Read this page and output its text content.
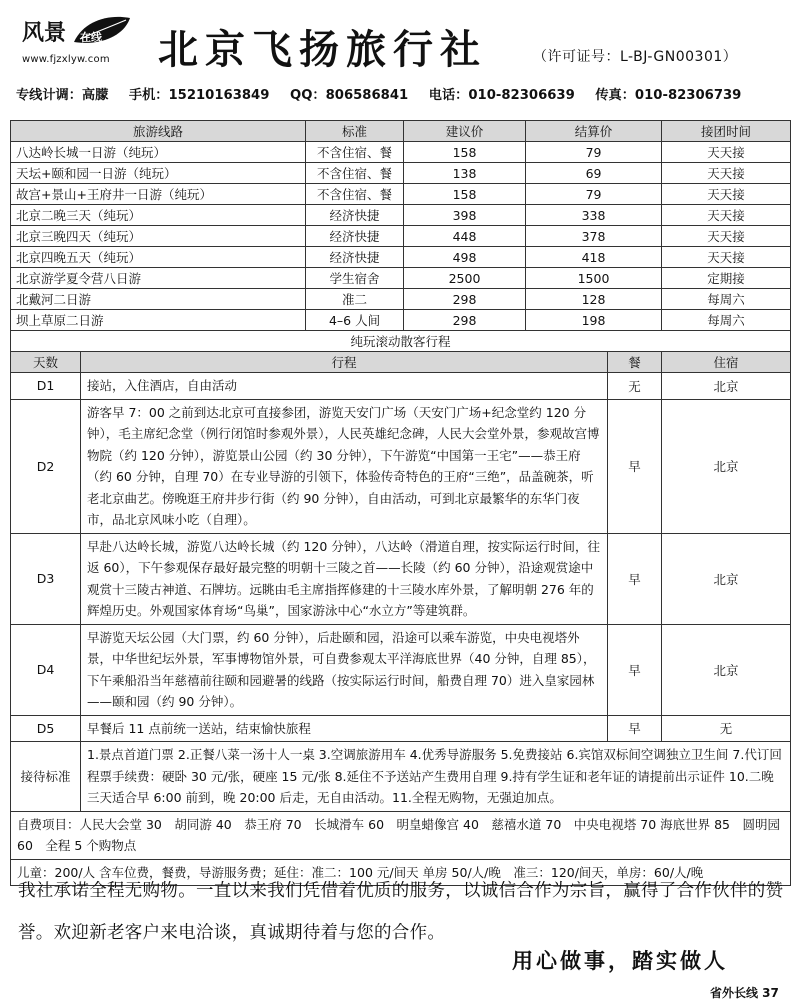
风景 在线
www.fjzxlyw.com 北京飞扬旅行社	（许可证号：L-BJ-GN00301）
专线计调：高朦 手机：15210163849 QQ：806586841 电话：010-82306639 传真：010-82306739
旅游线路		标准	建议价	结算价		接团时间
八达岭长城一日游（纯玩）		不含住宿、餐	158	79		天天接
天坛+颐和园一日游（纯玩）		不含住宿、餐	138	69		天天接
故宫+景山+王府井一日游（纯玩）		不含住宿、餐	158	79		天天接
北京二晚三天（纯玩）		经济快捷	398	338		天天接
北京三晚四天（纯玩）		经济快捷	448	378		天天接
北京四晚五天（纯玩）		经济快捷	498	418		天天接
北京游学夏令营八日游		学生宿舍	2500	1500		定期接
北戴河二日游		准二	298	128		每周六
坝上草原二日游		4–6 人间	298	198		每周六
纯玩滚动散客行程						
天数	行程				餐	住宿
D1	接站，入住酒店，自由活动				无	北京
D2	游客早 7：00 之前到达北京可直接参团，游览天安门广场（天安门广场+纪念堂约 120 分钟），毛主席纪念堂（例行闭馆时参观外景），人民英雄纪念碑，人民大会堂外景，参观故宫博物院（约 120 分钟），游览景山公园（约 30 分钟），下午游览“中国第一王宅”——恭王府（约 60 分钟，自理 70）在专业导游的引领下，体验传奇特色的王府“三绝”，品盖碗茶，听老北京曲艺。傍晚逛王府井步行街（约 90 分钟），自由活动，可到北京最繁华的东华门夜市，品北京风味小吃（自理）。				早	北京
D3	早赴八达岭长城，游览八达岭长城（约 120 分钟），八达岭（滑道自理，按实际运行时间，往返 60），下午参观保存最好最完整的明朝十三陵之首——长陵（约 60 分钟），沿途观赏途中观赏十三陵古神道、石牌坊。远眺由毛主席指挥修建的十三陵水库外景，了解明朝 276 年的辉煌历史。外观国家体育场“鸟巢”，国家游泳中心“水立方”等建筑群。				早	北京
D4	早游览天坛公园（大门票，约 60 分钟），后赴颐和园，沿途可以乘车游览，中央电视塔外景，中华世纪坛外景，军事博物馆外景，可自费参观太平洋海底世界（40 分钟，自理 85），下午乘船沿当年慈禧前往颐和园避暑的线路（按实际运行时间，船费自理 70）进入皇家园林——颐和园（约 90 分钟）。				早	北京
D5	早餐后 11 点前统一送站，结束愉快旅程				早	无
接待标准	1.景点首道门票 2.正餐八菜一汤十人一桌 3.空调旅游用车 4.优秀导游服务 5.免费接站 6.宾馆双标间空调独立卫生间 7.代订回程票手续费：硬卧 30 元/张，硬座 15 元/张 8.延住不予送站产生费用自理 9.持有学生证和老年证的请提前出示证件 10.二晚三天适合早 6:00 前到，晚 20:00 后走，无自由活动。11.全程无购物，无强迫加点。					
自费项目：人民大会堂 30　胡同游 40　恭王府 70　长城滑车 60　明皇蜡像宫 40　慈禧水道 70　中央电视塔 70 海底世界 85　圆明园 60　全程 5 个购物点						
儿童：200/人 含车位费，餐费，导游服务费；延住：准二：100 元/间天 单房 50/人/晚　准三：120/间天，单房：60/人/晚						
我社承诺全程无购物。一直以来我们凭借着优质的服务，以诚信合作为宗旨，赢得了合作伙伴的赞誉。欢迎新老客户来电洽谈，真诚期待着与您的合作。
用心做事，踏实做人
省外长线 37
